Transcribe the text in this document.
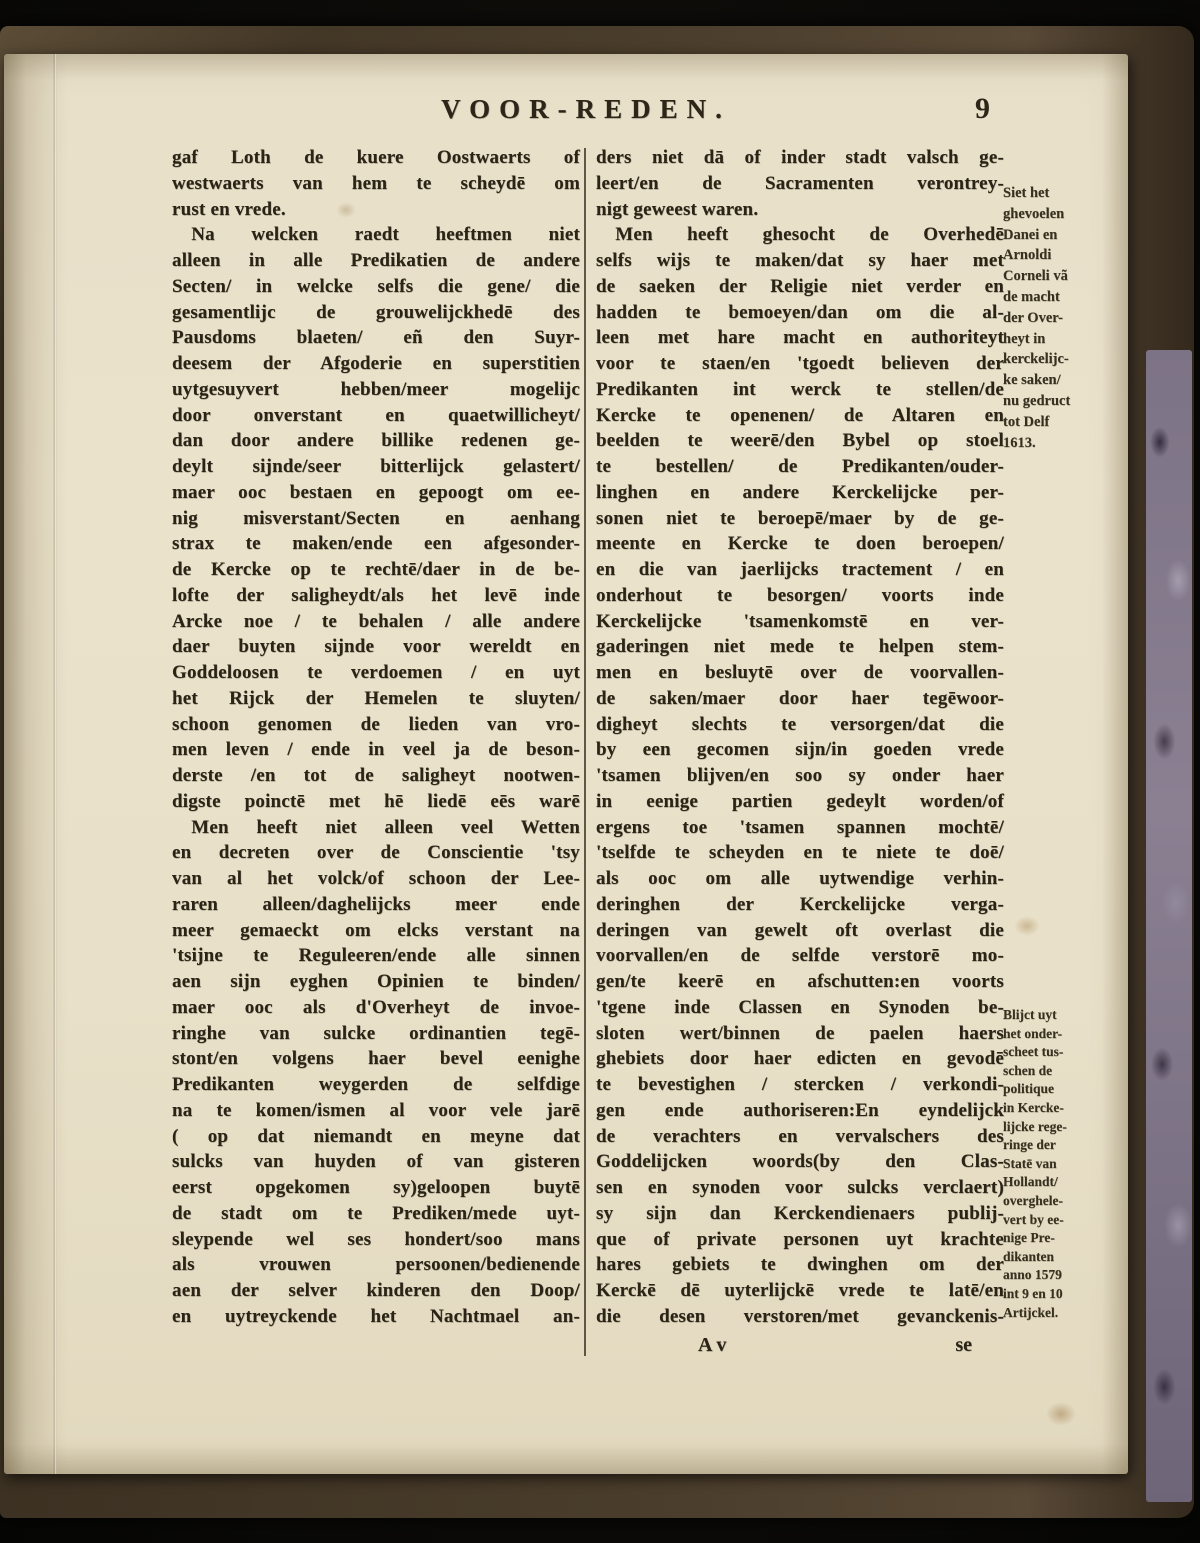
VOOR-REDEN.	9
gaf Loth de kuere Oostwaerts of
westwaerts van hem te scheydē om
rust en vrede.
 Na welcken raedt heeftmen niet
alleen in alle Predikatien de andere
Secten/ in welcke selfs die gene/ die
gesamentlijc de grouwelijckhedē des
Pausdoms blaeten/ eñ den Suyr-
deesem der Afgoderie en superstitien
uytgesuyvert hebben/meer mogelijc
door onverstant en quaetwillicheyt/
dan door andere billike redenen ge-
deylt sijnde/seer bitterlijck gelastert/
maer ooc bestaen en gepoogt om ee-
nig misverstant/Secten en aenhang
strax te maken/ende een afgesonder-
de Kercke op te rechtē/daer in de be-
lofte der saligheydt/als het levē inde
Arcke noe / te behalen / alle andere
daer buyten sijnde voor wereldt en
Goddeloosen te verdoemen / en uyt
het Rijck der Hemelen te sluyten/
schoon genomen de lieden van vro-
men leven / ende in veel ja de beson-
derste /en tot de saligheyt nootwen-
digste poinctē met hē liedē eēs warē
 Men heeft niet alleen veel Wetten
en decreten over de Conscientie 'tsy
van al het volck/of schoon der Lee-
raren alleen/daghelijcks meer ende
meer gemaeckt om elcks verstant na
'tsijne te Reguleeren/ende alle sinnen
aen sijn eyghen Opinien te binden/
maer ooc als d'Overheyt de invoe-
ringhe van sulcke ordinantien tegē-
stont/en volgens haer bevel eenighe
Predikanten weygerden de selfdige
na te komen/ismen al voor vele jarē
( op dat niemandt en meyne dat
sulcks van huyden of van gisteren
eerst opgekomen sy)geloopen buytē
de stadt om te Prediken/mede uyt-
sleypende wel ses hondert/soo mans
als vrouwen persoonen/bedienende
aen der selver kinderen den Doop/
en uytreyckende het Nachtmael an-
ders niet dā of inder stadt valsch ge-
leert/en de Sacramenten verontrey-
nigt geweest waren.
 Men heeft ghesocht de Overhedē
selfs wijs te maken/dat sy haer met
de saeken der Religie niet verder en
hadden te bemoeyen/dan om die al-
leen met hare macht en authoriteyt
voor te staen/en 'tgoedt believen der
Predikanten int werck te stellen/de
Kercke te openenen/ de Altaren en
beelden te weerē/den Bybel op stoel
te bestellen/ de Predikanten/ouder-
linghen en andere Kerckelijcke per-
sonen niet te beroepē/maer by de ge-
meente en Kercke te doen beroepen/
en die van jaerlijcks tractement / en
onderhout te besorgen/ voorts inde
Kerckelijcke 'tsamenkomstē en ver-
gaderingen niet mede te helpen stem-
men en besluytē over de voorvallen-
de saken/maer door haer tegēwoor-
digheyt slechts te versorgen/dat die
by een gecomen sijn/in goeden vrede
'tsamen blijven/en soo sy onder haer
in eenige partien gedeylt worden/of
ergens toe 'tsamen spannen mochtē/
'tselfde te scheyden en te niete te doē/
als ooc om alle uytwendige verhin-
deringhen der Kerckelijcke verga-
deringen van gewelt oft overlast die
voorvallen/en de selfde verstorē mo-
gen/te keerē en afschutten:en voorts
'tgene inde Classen en Synoden be-
sloten wert/binnen de paelen haers
ghebiets door haer edicten en gevodē
te bevestighen / stercken / verkondi-
gen ende authoriseren:En eyndelijck
de verachters en vervalschers des
Goddelijcken woords(by den Clas-
sen en synoden voor sulcks verclaert)
sy sijn dan Kerckendienaers publij-
que of private personen uyt krachte
hares gebiets te dwinghen om der
Kerckē dē uyterlijckē vrede te latē/en
die desen verstoren/met gevanckenis-
Siet het
ghevoelen
Danei en
Arnoldi
Corneli vã
de macht
der Over-
heyt in
kerckelijc-
ke saken/
nu gedruct
tot Delf
1613.
Blijct uyt
het onder-
scheet tus-
schen de
politique
in Kercke-
lijcke rege-
ringe der
Statē van
Hollandt/
overghele-
vert by ee-
nige Pre-
dikanten
anno 1579
int 9 en 10
Artijckel.
A v	se
